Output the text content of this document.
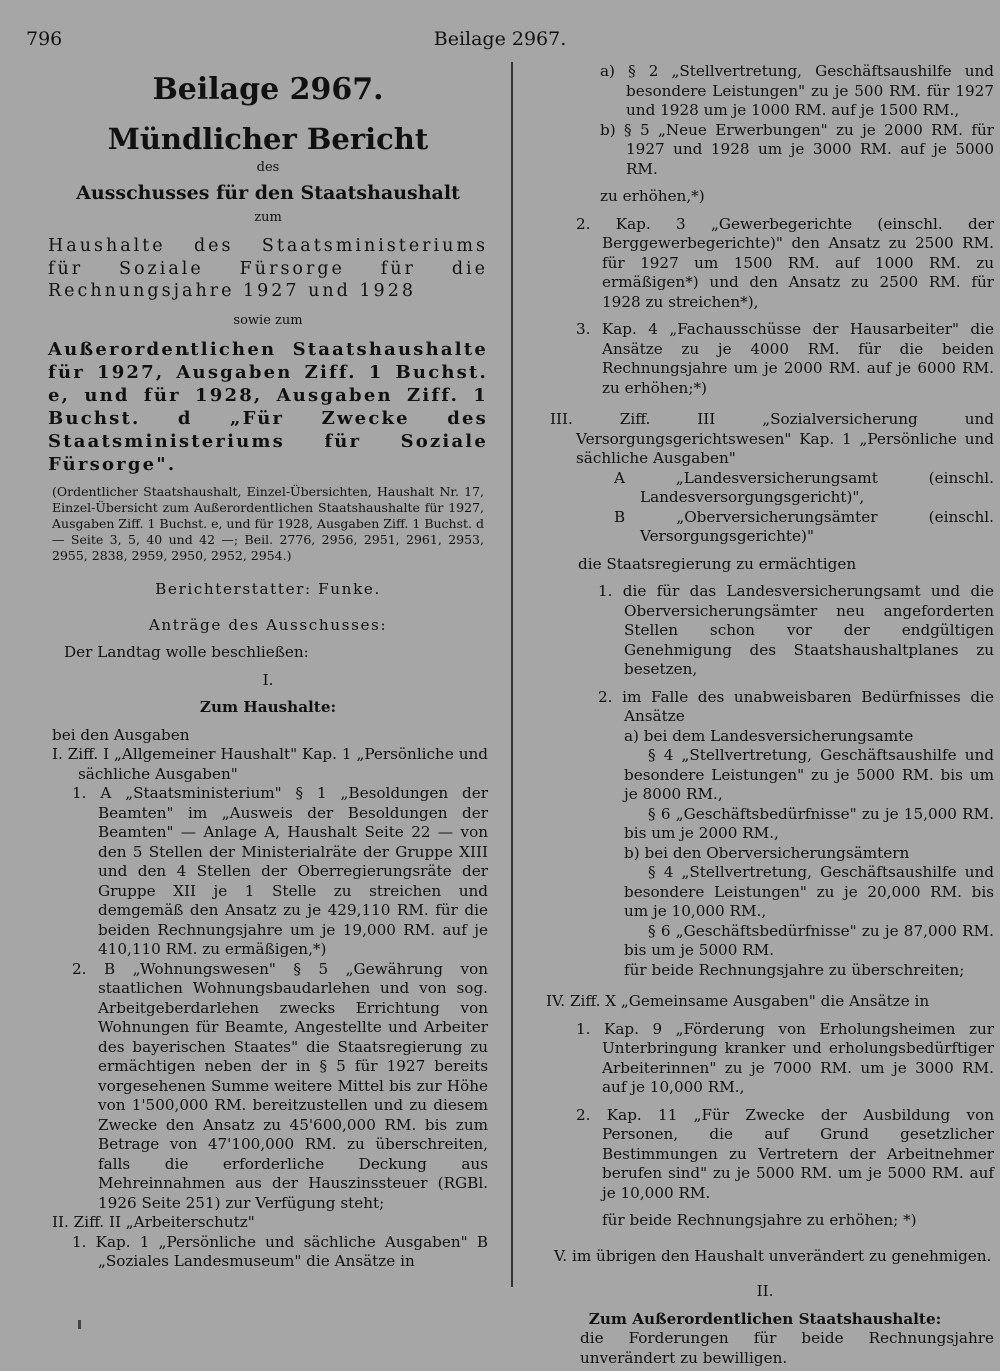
796	Beilage 2967.

Beilage 2967.

Mündlicher Bericht

des

Ausschusses für den Staatshaushalt

zum

Haushalte des Staatsministeriums für Soziale Fürsorge für die Rechnungsjahre 1927 und 1928

sowie zum

Außerordentlichen Staatshaushalte für 1927, Ausgaben Ziff. 1 Buchst. e, und für 1928, Ausgaben Ziff. 1 Buchst. d „Für Zwecke des Staatsministeriums für Soziale Fürsorge".

(Ordentlicher Staatshaushalt, Einzel-Übersichten, Haushalt Nr. 17, Einzel-Übersicht zum Außerordentlichen Staatshaushalte für 1927, Ausgaben Ziff. 1 Buchst. e, und für 1928, Ausgaben Ziff. 1 Buchst. d — Seite 3, 5, 40 und 42 —; Beil. 2776, 2956, 2951, 2961, 2953, 2955, 2838, 2959, 2950, 2952, 2954.)

Berichterstatter: Funke.

Anträge des Ausschusses:

Der Landtag wolle beschließen:

I.

Zum Haushalte:

bei den Ausgaben

I. Ziff. I „Allgemeiner Haushalt" Kap. 1 „Persönliche und sächliche Ausgaben"

1. A „Staatsministerium" § 1 „Besoldungen der Beamten" im „Ausweis der Besoldungen der Beamten" — Anlage A, Haushalt Seite 22 — von den 5 Stellen der Ministerialräte der Gruppe XIII und den 4 Stellen der Oberregierungsräte der Gruppe XII je 1 Stelle zu streichen und demgemäß den Ansatz zu je 429,110 RM. für die beiden Rechnungsjahre um je 19,000 RM. auf je 410,110 RM. zu ermäßigen,*)

2. B „Wohnungswesen" § 5 „Gewährung von staatlichen Wohnungsbaudarlehen und von sog. Arbeitgeberdarlehen zwecks Errichtung von Wohnungen für Beamte, Angestellte und Arbeiter des bayerischen Staates" die Staatsregierung zu ermächtigen neben der in § 5 für 1927 bereits vorgesehenen Summe weitere Mittel bis zur Höhe von 1'500,000 RM. bereitzustellen und zu diesem Zwecke den Ansatz zu 45'600,000 RM. bis zum Betrage von 47'100,000 RM. zu überschreiten, falls die erforderliche Deckung aus Mehreinnahmen aus der Hauszinssteuer (RGBl. 1926 Seite 251) zur Verfügung steht;

II. Ziff. II „Arbeiterschutz"

1. Kap. 1 „Persönliche und sächliche Ausgaben" B „Soziales Landesmuseum" die Ansätze in

a) § 2 „Stellvertretung, Geschäftsaushilfe und besondere Leistungen" zu je 500 RM. für 1927 und 1928 um je 1000 RM. auf je 1500 RM.,

b) § 5 „Neue Erwerbungen" zu je 2000 RM. für 1927 und 1928 um je 3000 RM. auf je 5000 RM.

zu erhöhen,*)

2. Kap. 3 „Gewerbegerichte (einschl. der Berggewerbegerichte)" den Ansatz zu 2500 RM. für 1927 um 1500 RM. auf 1000 RM. zu ermäßigen*) und den Ansatz zu 2500 RM. für 1928 zu streichen*),

3. Kap. 4 „Fachausschüsse der Hausarbeiter" die Ansätze zu je 4000 RM. für die beiden Rechnungsjahre um je 2000 RM. auf je 6000 RM. zu erhöhen;*)

III. Ziff. III „Sozialversicherung und Versorgungsgerichtswesen" Kap. 1 „Persönliche und sächliche Ausgaben"

A „Landesversicherungsamt (einschl. Landesversorgungsgericht)",

B „Oberversicherungsämter (einschl. Versorgungsgerichte)"

die Staatsregierung zu ermächtigen

1. die für das Landesversicherungsamt und die Oberversicherungsämter neu angeforderten Stellen schon vor der endgültigen Genehmigung des Staatshaushaltplanes zu besetzen,

2. im Falle des unabweisbaren Bedürfnisses die Ansätze

a) bei dem Landesversicherungsamte

§ 4 „Stellvertretung, Geschäftsaushilfe und besondere Leistungen" zu je 5000 RM. bis um je 8000 RM.,

§ 6 „Geschäftsbedürfnisse" zu je 15,000 RM. bis um je 2000 RM.,

b) bei den Oberversicherungsämtern

§ 4 „Stellvertretung, Geschäftsaushilfe und besondere Leistungen" zu je 20,000 RM. bis um je 10,000 RM.,

§ 6 „Geschäftsbedürfnisse" zu je 87,000 RM. bis um je 5000 RM.

für beide Rechnungsjahre zu überschreiten;

IV. Ziff. X „Gemeinsame Ausgaben" die Ansätze in

1. Kap. 9 „Förderung von Erholungsheimen zur Unterbringung kranker und erholungsbedürftiger Arbeiterinnen" zu je 7000 RM. um je 3000 RM. auf je 10,000 RM.,

2. Kap. 11 „Für Zwecke der Ausbildung von Personen, die auf Grund gesetzlicher Bestimmungen zu Vertretern der Arbeitnehmer berufen sind" zu je 5000 RM. um je 5000 RM. auf je 10,000 RM.

für beide Rechnungsjahre zu erhöhen; *)

V. im übrigen den Haushalt unverändert zu genehmigen.

II.

Zum Außerordentlichen Staatshaushalte:

die Forderungen für beide Rechnungsjahre unverändert zu bewilligen.
